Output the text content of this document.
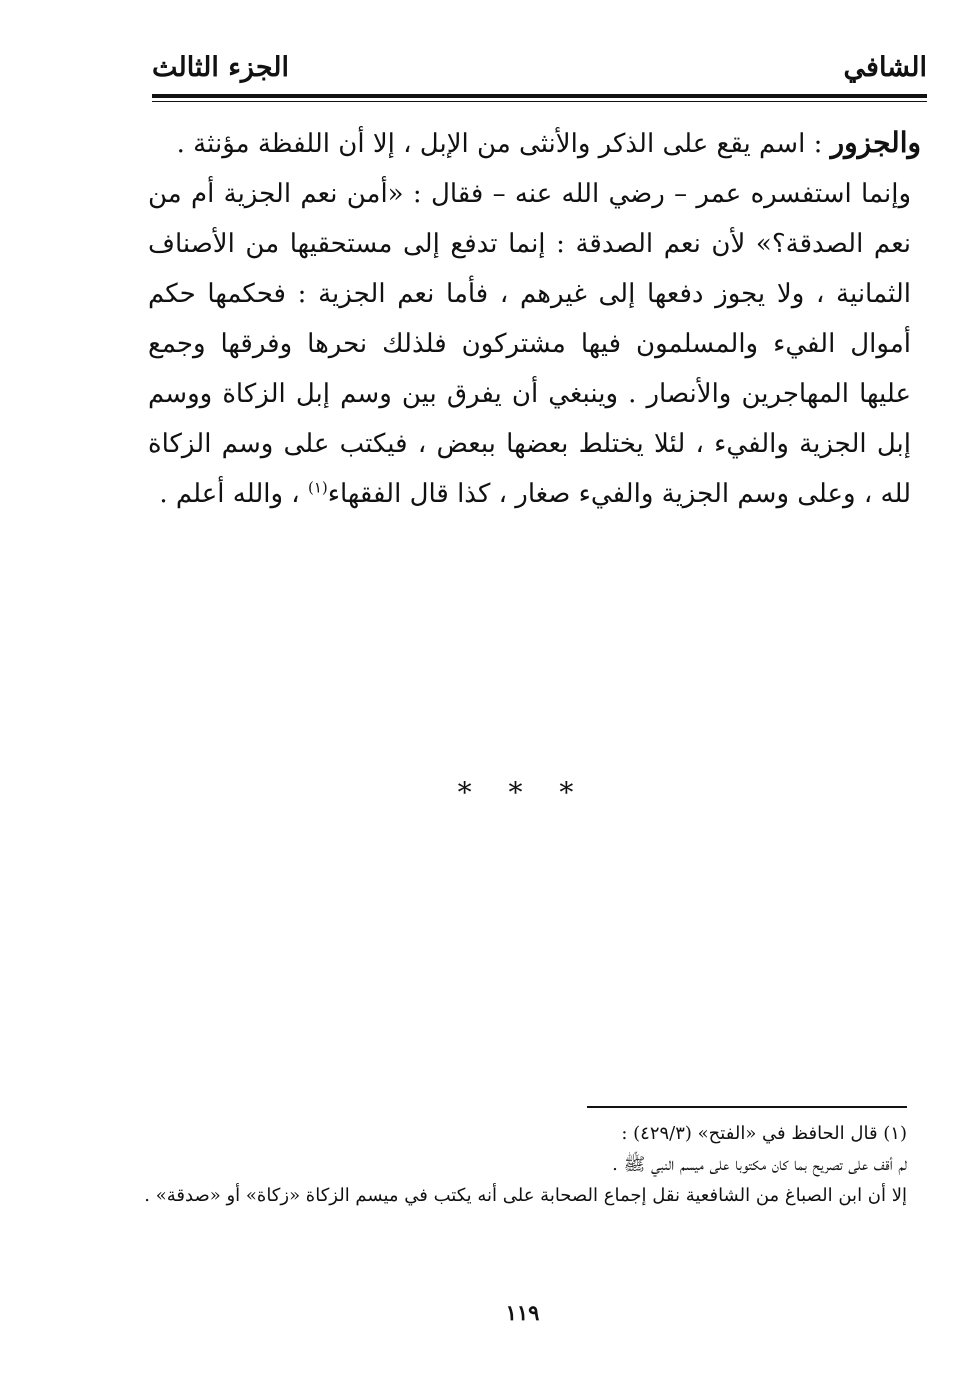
الشافي
الجزء الثالث

والجزور : اسم يقع على الذكر والأنثى من الإبل ، إلا أن اللفظة مؤنثة .

وإنما استفسره عمر – رضي الله عنه – فقال : «أمن نعم الجزية أم من نعم الصدقة؟» لأن نعم الصدقة : إنما تدفع إلى مستحقيها من الأصناف الثمانية ، ولا يجوز دفعها إلى غيرهم ، فأما نعم الجزية : فحكمها حكم أموال الفيء والمسلمون فيها مشتركون فلذلك نحرها وفرقها وجمع عليها المهاجرين والأنصار . وينبغي أن يفرق بين وسم إبل الزكاة ووسم إبل الجزية والفيء ، لئلا يختلط بعضها ببعض ، فيكتب على وسم الزكاة لله ، وعلى وسم الجزية والفيء صغار ، كذا قال الفقهاء$^{(١)}$ ، والله أعلم .

* * *

(١) قال الحافظ في «الفتح» (٤٢٩/٣) :

لم أقف على تصريح بما كان مكتوبا على ميسم النبي ﷺ .

إلا أن ابن الصباغ من الشافعية نقل إجماع الصحابة على أنه يكتب في ميسم الزكاة «زكاة» أو «صدقة» .

١١٩
